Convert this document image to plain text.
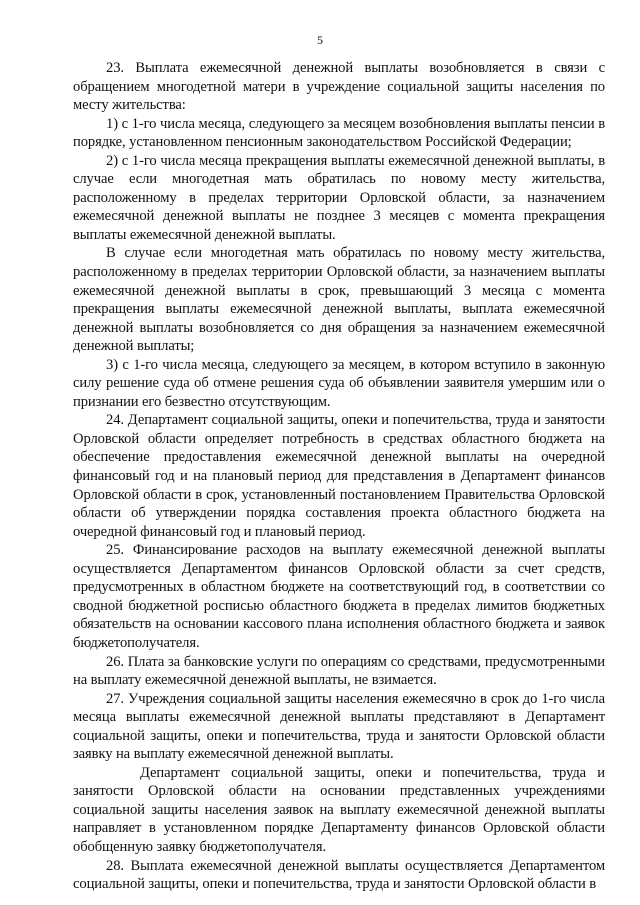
5

23. Выплата ежемесячной денежной выплаты возобновляется в связи с обращением многодетной матери в учреждение социальной защиты населения по месту жительства:

1) с 1-го числа месяца, следующего за месяцем возобновления выплаты пенсии в порядке, установленном пенсионным законодательством Российской Федерации;

2) с 1-го числа месяца прекращения выплаты ежемесячной денежной выплаты, в случае если многодетная мать обратилась по новому месту жительства, расположенному в пределах территории Орловской области, за назначением ежемесячной денежной выплаты не позднее 3 месяцев с момента прекращения выплаты ежемесячной денежной выплаты.

В случае если многодетная мать обратилась по новому месту жительства, расположенному в пределах территории Орловской области, за назначением выплаты ежемесячной денежной выплаты в срок, превышающий 3 месяца с момента прекращения выплаты ежемесячной денежной выплаты, выплата ежемесячной денежной выплаты возобновляется со дня обращения за назначением ежемесячной денежной выплаты;

3) с 1-го числа месяца, следующего за месяцем, в котором вступило в законную силу решение суда об отмене решения суда об объявлении заявителя умершим или о признании его безвестно отсутствующим.

24. Департамент социальной защиты, опеки и попечительства, труда и занятости Орловской области определяет потребность в средствах областного бюджета на обеспечение предоставления ежемесячной денежной выплаты на очередной финансовый год и на плановый период для представления в Департамент финансов Орловской области в срок, установленный постановлением Правительства Орловской области об утверждении порядка составления проекта областного бюджета на очередной финансовый год и плановый период.

25. Финансирование расходов на выплату ежемесячной денежной выплаты осуществляется Департаментом финансов Орловской области за счет средств, предусмотренных в областном бюджете на соответствующий год, в соответствии со сводной бюджетной росписью областного бюджета в пределах лимитов бюджетных обязательств на основании кассового плана исполнения областного бюджета и заявок бюджетополучателя.

26. Плата за банковские услуги по операциям со средствами, предусмотренными на выплату ежемесячной денежной выплаты, не взимается.

27. Учреждения социальной защиты населения ежемесячно в срок до 1-го числа месяца выплаты ежемесячной денежной выплаты представляют в Департамент социальной защиты, опеки и попечительства, труда и занятости Орловской области заявку на выплату ежемесячной денежной выплаты.

Департамент социальной защиты, опеки и попечительства, труда и занятости Орловской области на основании представленных учреждениями социальной защиты населения заявок на выплату ежемесячной денежной выплаты направляет в установленном порядке Департаменту финансов Орловской области обобщенную заявку бюджетополучателя.

28. Выплата ежемесячной денежной выплаты осуществляется Департаментом социальной защиты, опеки и попечительства, труда и занятости Орловской области в
